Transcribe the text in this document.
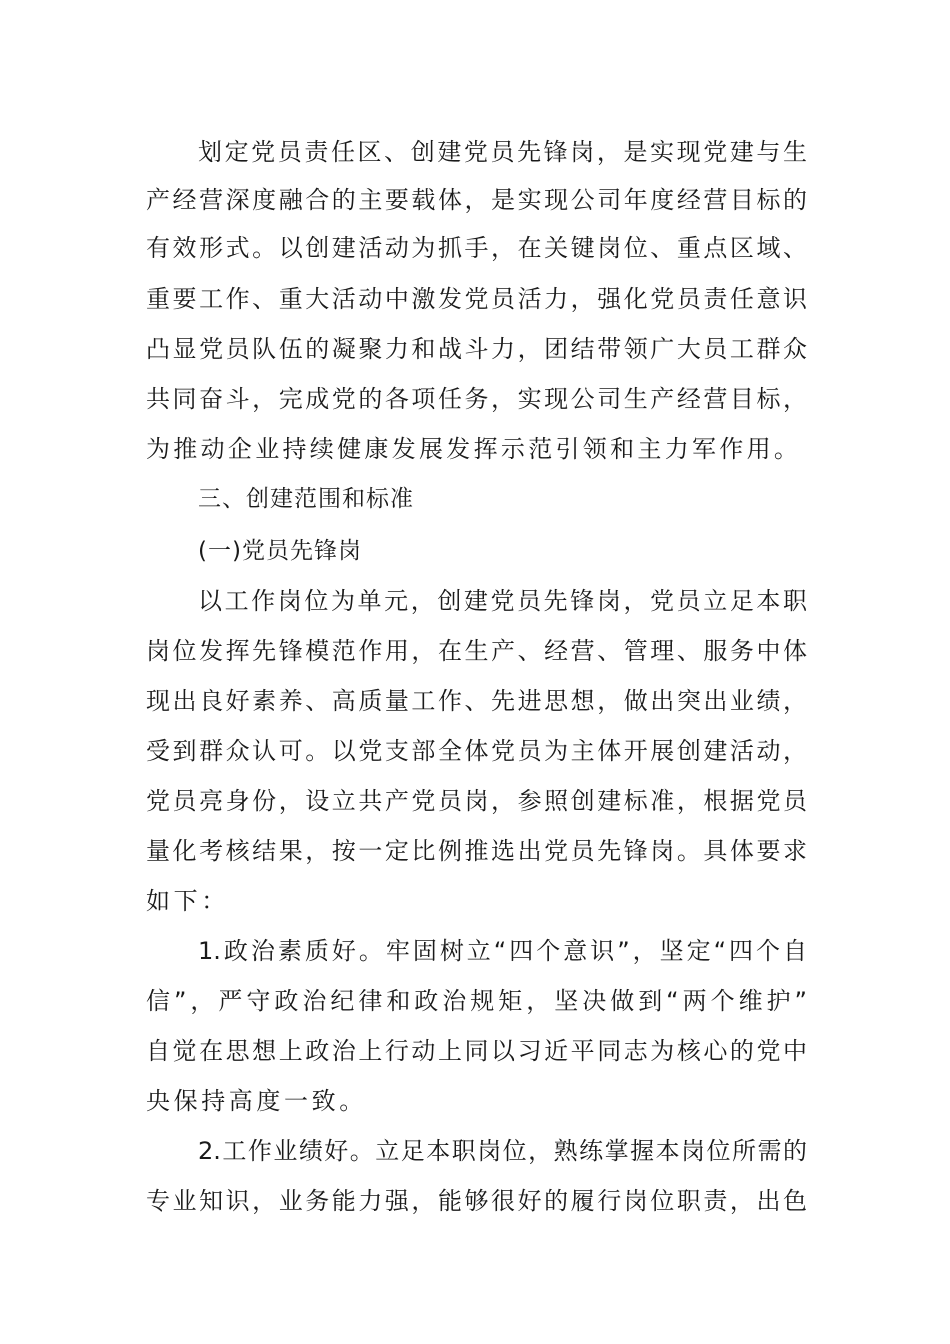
划定党员责任区、创建党员先锋岗，是实现党建与生
产经营深度融合的主要载体，是实现公司年度经营目标的
有效形式。以创建活动为抓手，在关键岗位、重点区域、
重要工作、重大活动中激发党员活力，强化党员责任意识
凸显党员队伍的凝聚力和战斗力，团结带领广大员工群众
共同奋斗，完成党的各项任务，实现公司生产经营目标，
为推动企业持续健康发展发挥示范引领和主力军作用。
三、创建范围和标准
(一)党员先锋岗
以工作岗位为单元，创建党员先锋岗，党员立足本职
岗位发挥先锋模范作用，在生产、经营、管理、服务中体
现出良好素养、高质量工作、先进思想，做出突出业绩，
受到群众认可。以党支部全体党员为主体开展创建活动，
党员亮身份，设立共产党员岗，参照创建标准，根据党员
量化考核结果，按一定比例推选出党员先锋岗。具体要求
如下：
1.政治素质好。牢固树立“四个意识”，坚定“四个自
信”，严守政治纪律和政治规矩，坚决做到“两个维护”
自觉在思想上政治上行动上同以习近平同志为核心的党中
央保持高度一致。
2.工作业绩好。立足本职岗位，熟练掌握本岗位所需的
专业知识，业务能力强，能够很好的履行岗位职责，出色
